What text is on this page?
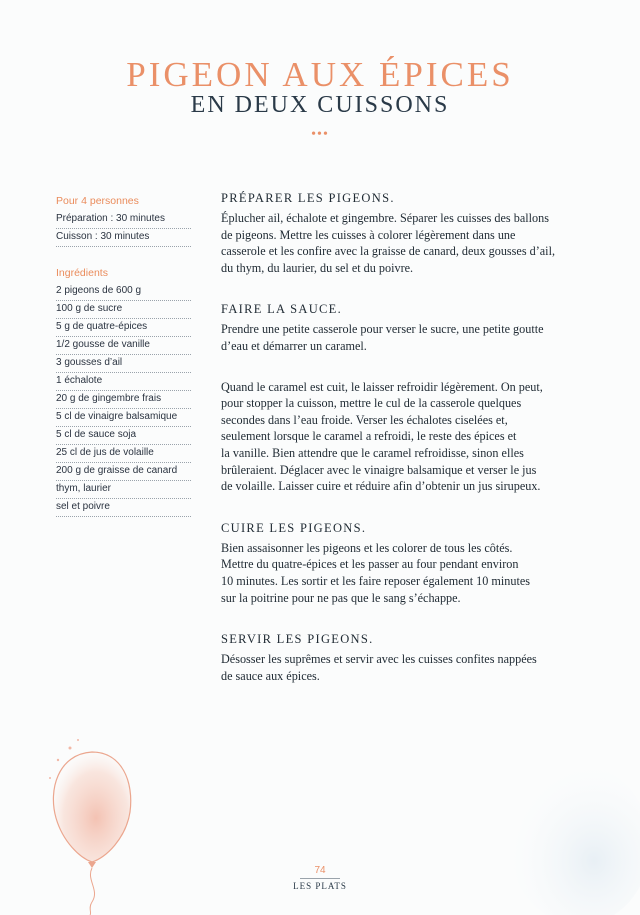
PIGEON AUX ÉPICES
EN DEUX CUISSONS
•••
Pour 4 personnes
Préparation : 30 minutes
Cuisson : 30 minutes
Ingrédients
2 pigeons de 600 g
100 g de sucre
5 g de quatre-épices
1/2 gousse de vanille
3 gousses d’ail
1 échalote
20 g de gingembre frais
5 cl de vinaigre balsamique
5 cl de sauce soja
25 cl de jus de volaille
200 g de graisse de canard
thym, laurier
sel et poivre
PRÉPARER LES PIGEONS.

Éplucher ail, échalote et gingembre. Séparer les cuisses des ballons
de pigeons. Mettre les cuisses à colorer légèrement dans une
casserole et les confire avec la graisse de canard, deux gousses d’ail,
du thym, du laurier, du sel et du poivre.

FAIRE LA SAUCE.

Prendre une petite casserole pour verser le sucre, une petite goutte
d’eau et démarrer un caramel.

Quand le caramel est cuit, le laisser refroidir légèrement. On peut,
pour stopper la cuisson, mettre le cul de la casserole quelques
secondes dans l’eau froide. Verser les échalotes ciselées et,
seulement lorsque le caramel a refroidi, le reste des épices et
la vanille. Bien attendre que le caramel refroidisse, sinon elles
brûleraient. Déglacer avec le vinaigre balsamique et verser le jus
de volaille. Laisser cuire et réduire afin d’obtenir un jus sirupeux.

CUIRE LES PIGEONS.

Bien assaisonner les pigeons et les colorer de tous les côtés.
Mettre du quatre-épices et les passer au four pendant environ
10 minutes. Les sortir et les faire reposer également 10 minutes
sur la poitrine pour ne pas que le sang s’échappe.

SERVIR LES PIGEONS.

Désosser les suprêmes et servir avec les cuisses confites nappées
de sauce aux épices.

74
LES PLATS
